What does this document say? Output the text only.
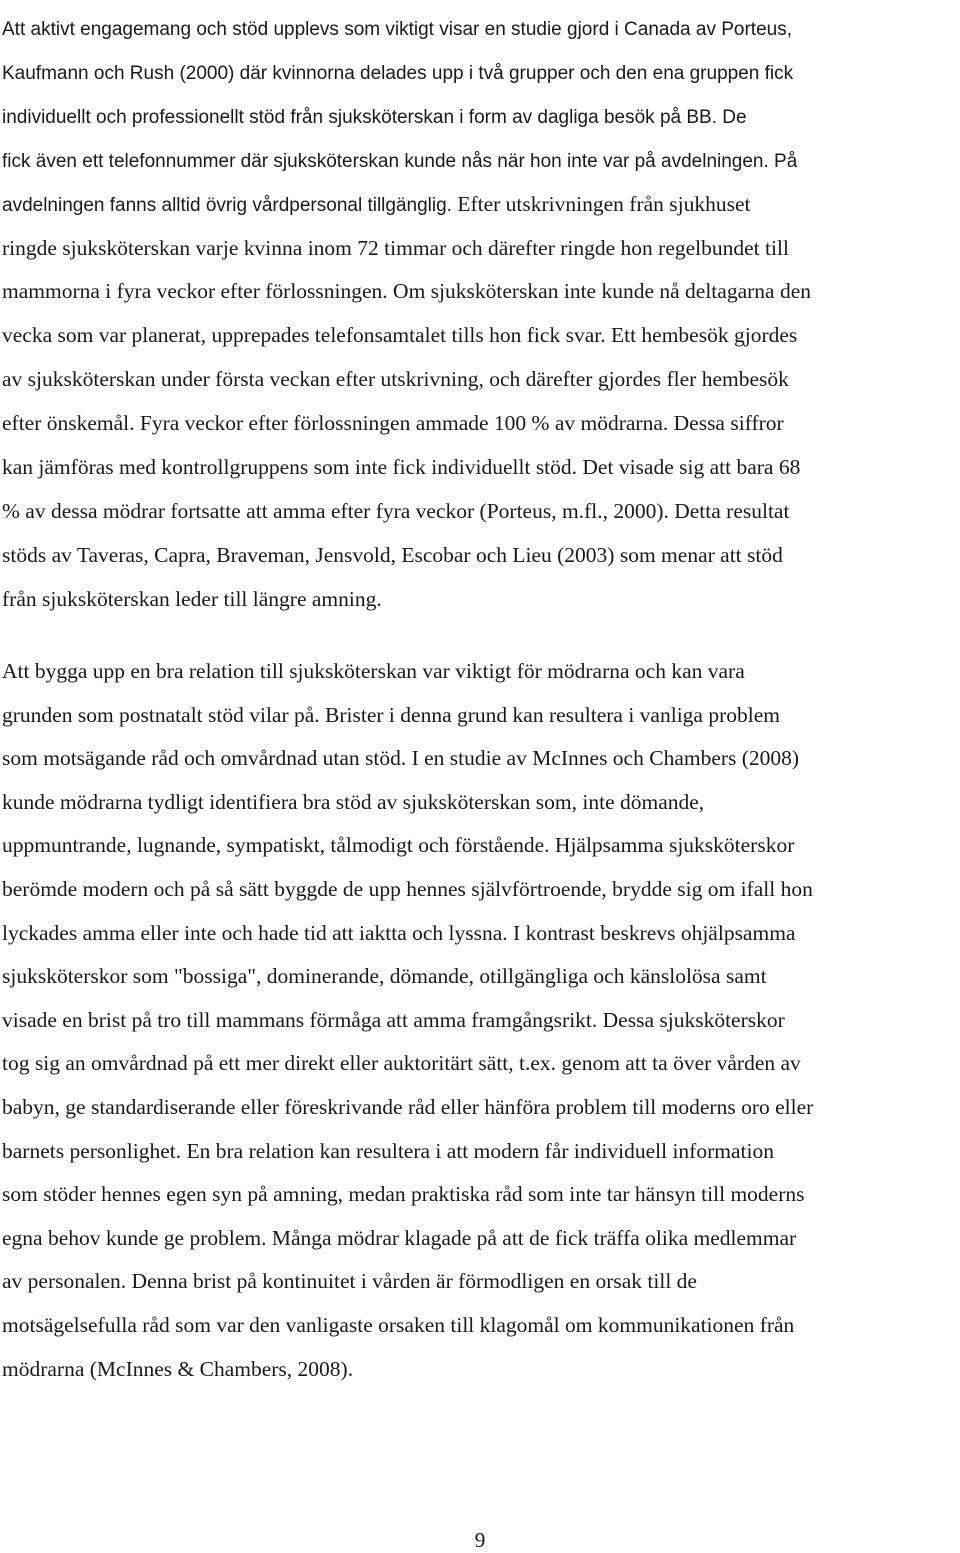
Att aktivt engagemang och stöd upplevs som viktigt visar en studie gjord i Canada av Porteus,
Kaufmann och Rush (2000) där kvinnorna delades upp i två grupper och den ena gruppen fick
individuellt och professionellt stöd från sjuksköterskan i form av dagliga besök på BB. De
fick även ett telefonnummer där sjuksköterskan kunde nås när hon inte var på avdelningen. På
avdelningen fanns alltid övrig vårdpersonal tillgänglig. Efter utskrivningen från sjukhuset
ringde sjuksköterskan varje kvinna inom 72 timmar och därefter ringde hon regelbundet till
mammorna i fyra veckor efter förlossningen. Om sjuksköterskan inte kunde nå deltagarna den
vecka som var planerat, upprepades telefonsamtalet tills hon fick svar. Ett hembesök gjordes
av sjuksköterskan under första veckan efter utskrivning, och därefter gjordes fler hembesök
efter önskemål. Fyra veckor efter förlossningen ammade 100 % av mödrarna. Dessa siffror
kan jämföras med kontrollgruppens som inte fick individuellt stöd. Det visade sig att bara 68
% av dessa mödrar fortsatte att amma efter fyra veckor (Porteus, m.fl., 2000). Detta resultat
stöds av Taveras, Capra, Braveman, Jensvold, Escobar och Lieu (2003) som menar att stöd
från sjuksköterskan leder till längre amning.
Att bygga upp en bra relation till sjuksköterskan var viktigt för mödrarna och kan vara
grunden som postnatalt stöd vilar på. Brister i denna grund kan resultera i vanliga problem
som motsägande råd och omvårdnad utan stöd. I en studie av McInnes och Chambers (2008)
kunde mödrarna tydligt identifiera bra stöd av sjuksköterskan som, inte dömande,
uppmuntrande, lugnande, sympatiskt, tålmodigt och förstående. Hjälpsamma sjuksköterskor
berömde modern och på så sätt byggde de upp hennes självförtroende, brydde sig om ifall hon
lyckades amma eller inte och hade tid att iaktta och lyssna. I kontrast beskrevs ohjälpsamma
sjuksköterskor som "bossiga", dominerande, dömande, otillgängliga och känslolösa samt
visade en brist på tro till mammans förmåga att amma framgångsrikt. Dessa sjuksköterskor
tog sig an omvårdnad på ett mer direkt eller auktoritärt sätt, t.ex. genom att ta över vården av
babyn, ge standardiserande eller föreskrivande råd eller hänföra problem till moderns oro eller
barnets personlighet. En bra relation kan resultera i att modern får individuell information
som stöder hennes egen syn på amning, medan praktiska råd som inte tar hänsyn till moderns
egna behov kunde ge problem. Många mödrar klagade på att de fick träffa olika medlemmar
av personalen. Denna brist på kontinuitet i vården är förmodligen en orsak till de
motsägelsefulla råd som var den vanligaste orsaken till klagomål om kommunikationen från
mödrarna (McInnes & Chambers, 2008).
9
